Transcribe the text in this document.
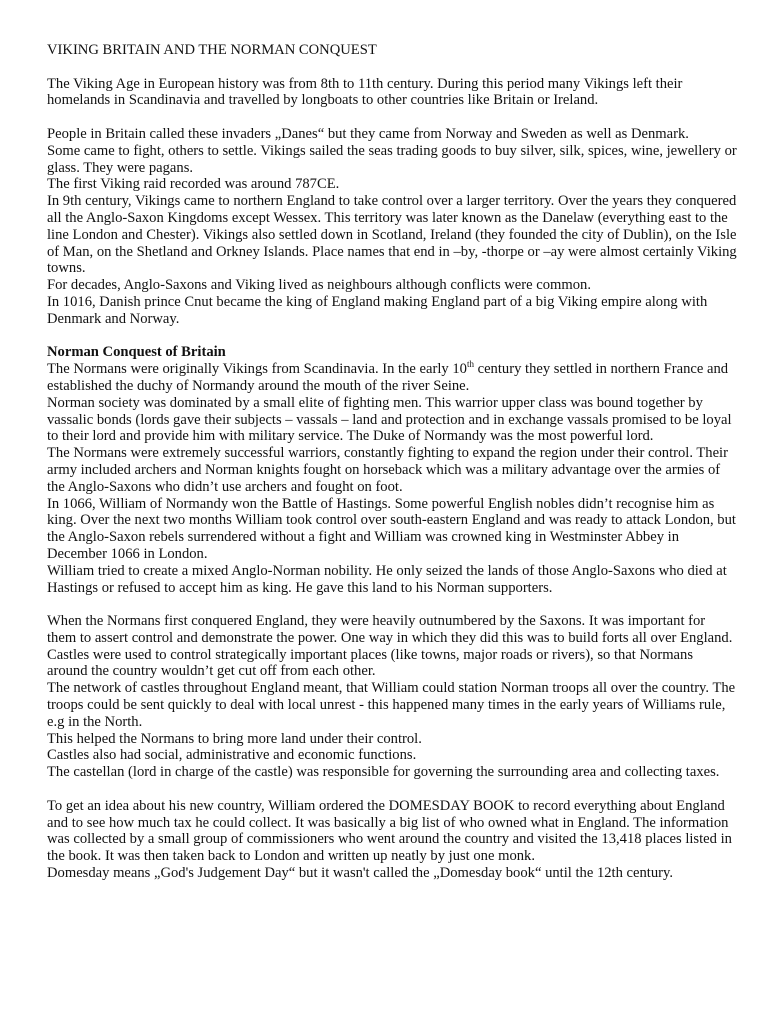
VIKING BRITAIN AND THE NORMAN CONQUEST

The Viking Age in European history was from 8th to 11th century. During this period many Vikings left their homelands in Scandinavia and travelled by longboats to other countries like Britain or Ireland.

People in Britain called these invaders „Danes“ but they came from Norway and Sweden as well as Denmark.

Some came to fight, others to settle. Vikings sailed the seas trading goods to buy silver, silk, spices, wine, jewellery or glass. They were pagans.

The first Viking raid recorded was around 787CE.

In 9th century, Vikings came to northern England to take control over a larger territory. Over the years they conquered all the Anglo-Saxon Kingdoms except Wessex. This territory was later known as the Danelaw (everything east to the line London and Chester). Vikings also settled down in Scotland, Ireland (they founded the city of Dublin), on the Isle of Man, on the Shetland and Orkney Islands. Place names that end in –by, -thorpe or –ay were almost certainly Viking towns.

For decades, Anglo-Saxons and Viking lived as neighbours although conflicts were common.

In 1016, Danish prince Cnut became the king of England making England part of a big Viking empire along with Denmark and Norway.

Norman Conquest of Britain

The Normans were originally Vikings from Scandinavia. In the early 10th century they settled in northern France and established the duchy of Normandy around the mouth of the river Seine.

Norman society was dominated by a small elite of fighting men. This warrior upper class was bound together by vassalic bonds (lords gave their subjects – vassals – land and protection and in exchange vassals promised to be loyal to their lord and provide him with military service. The Duke of Normandy was the most powerful lord.

The Normans were extremely successful warriors, constantly fighting to expand the region under their control. Their army included archers and Norman knights fought on horseback which was a military advantage over the armies of the Anglo-Saxons who didn’t use archers and fought on foot.

In 1066, William of Normandy won the Battle of Hastings. Some powerful English nobles didn’t recognise him as king. Over the next two months William took control over south-eastern England and was ready to attack London, but the Anglo-Saxon rebels surrendered without a fight and William was crowned king in Westminster Abbey in December 1066 in London.

William tried to create a mixed Anglo-Norman nobility. He only seized the lands of those Anglo-Saxons who died at Hastings or refused to accept him as king. He gave this land to his Norman supporters.

When the Normans first conquered England, they were heavily outnumbered by the Saxons. It was important for them to assert control and demonstrate the power. One way in which they did this was to build forts all over England. Castles were used to control strategically important places (like towns, major roads or rivers), so that Normans around the country wouldn’t get cut off from each other.

The network of castles throughout England meant, that William could station Norman troops all over the country. The troops could be sent quickly to deal with local unrest - this happened many times in the early years of Williams rule, e.g in the North.

This helped the Normans to bring more land under their control.

Castles also had social, administrative and economic functions.

The castellan (lord in charge of the castle) was responsible for governing the surrounding area and collecting taxes.

To get an idea about his new country, William ordered the DOMESDAY BOOK to record everything about England and to see how much tax he could collect. It was basically a big list of who owned what in England. The information was collected by a small group of commissioners who went around the country and visited the 13,418 places listed in the book. It was then taken back to London and written up neatly by just one monk.

Domesday means „God's Judgement Day“ but it wasn't called the „Domesday book“ until the 12th century.
